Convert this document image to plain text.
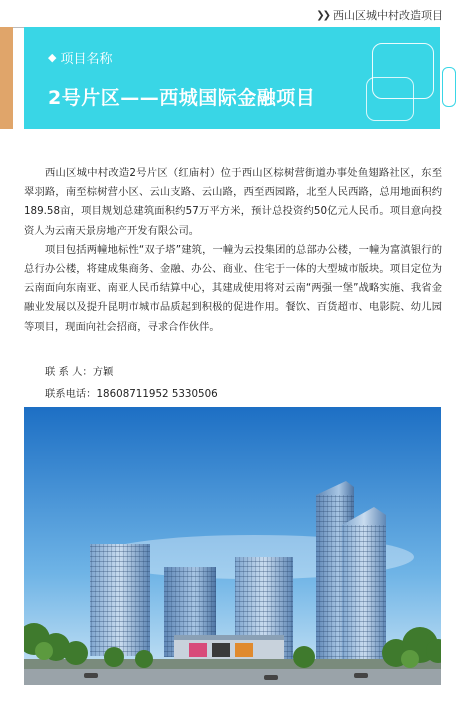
❯❯ 西山区城中村改造项目
◆ 项目名称
2号片区——西城国际金融项目

西山区城中村改造2号片区（红庙村）位于西山区棕树营街道办事处鱼翅路社区，东至翠羽路，南至棕树营小区、云山支路、云山路，西至西园路，北至人民西路，总用地面积约189.58亩，项目规划总建筑面积约57万平方米，预计总投资约50亿元人民币。项目意向投资人为云南天景房地产开发有限公司。

项目包括两幢地标性“双子塔”建筑，一幢为云投集团的总部办公楼，一幢为富滇银行的总行办公楼，将建成集商务、金融、办公、商业、住宅于一体的大型城市版块。项目定位为云南面向东南亚、南亚人民币结算中心，其建成使用将对云南“两强一堡”战略实施、我省金融业发展以及提升昆明市城市品质起到积极的促进作用。餐饮、百货超市、电影院、幼儿园等项目，现面向社会招商，寻求合作伙伴。

联 系 人：方颖
联系电话：18608711952 5330506
